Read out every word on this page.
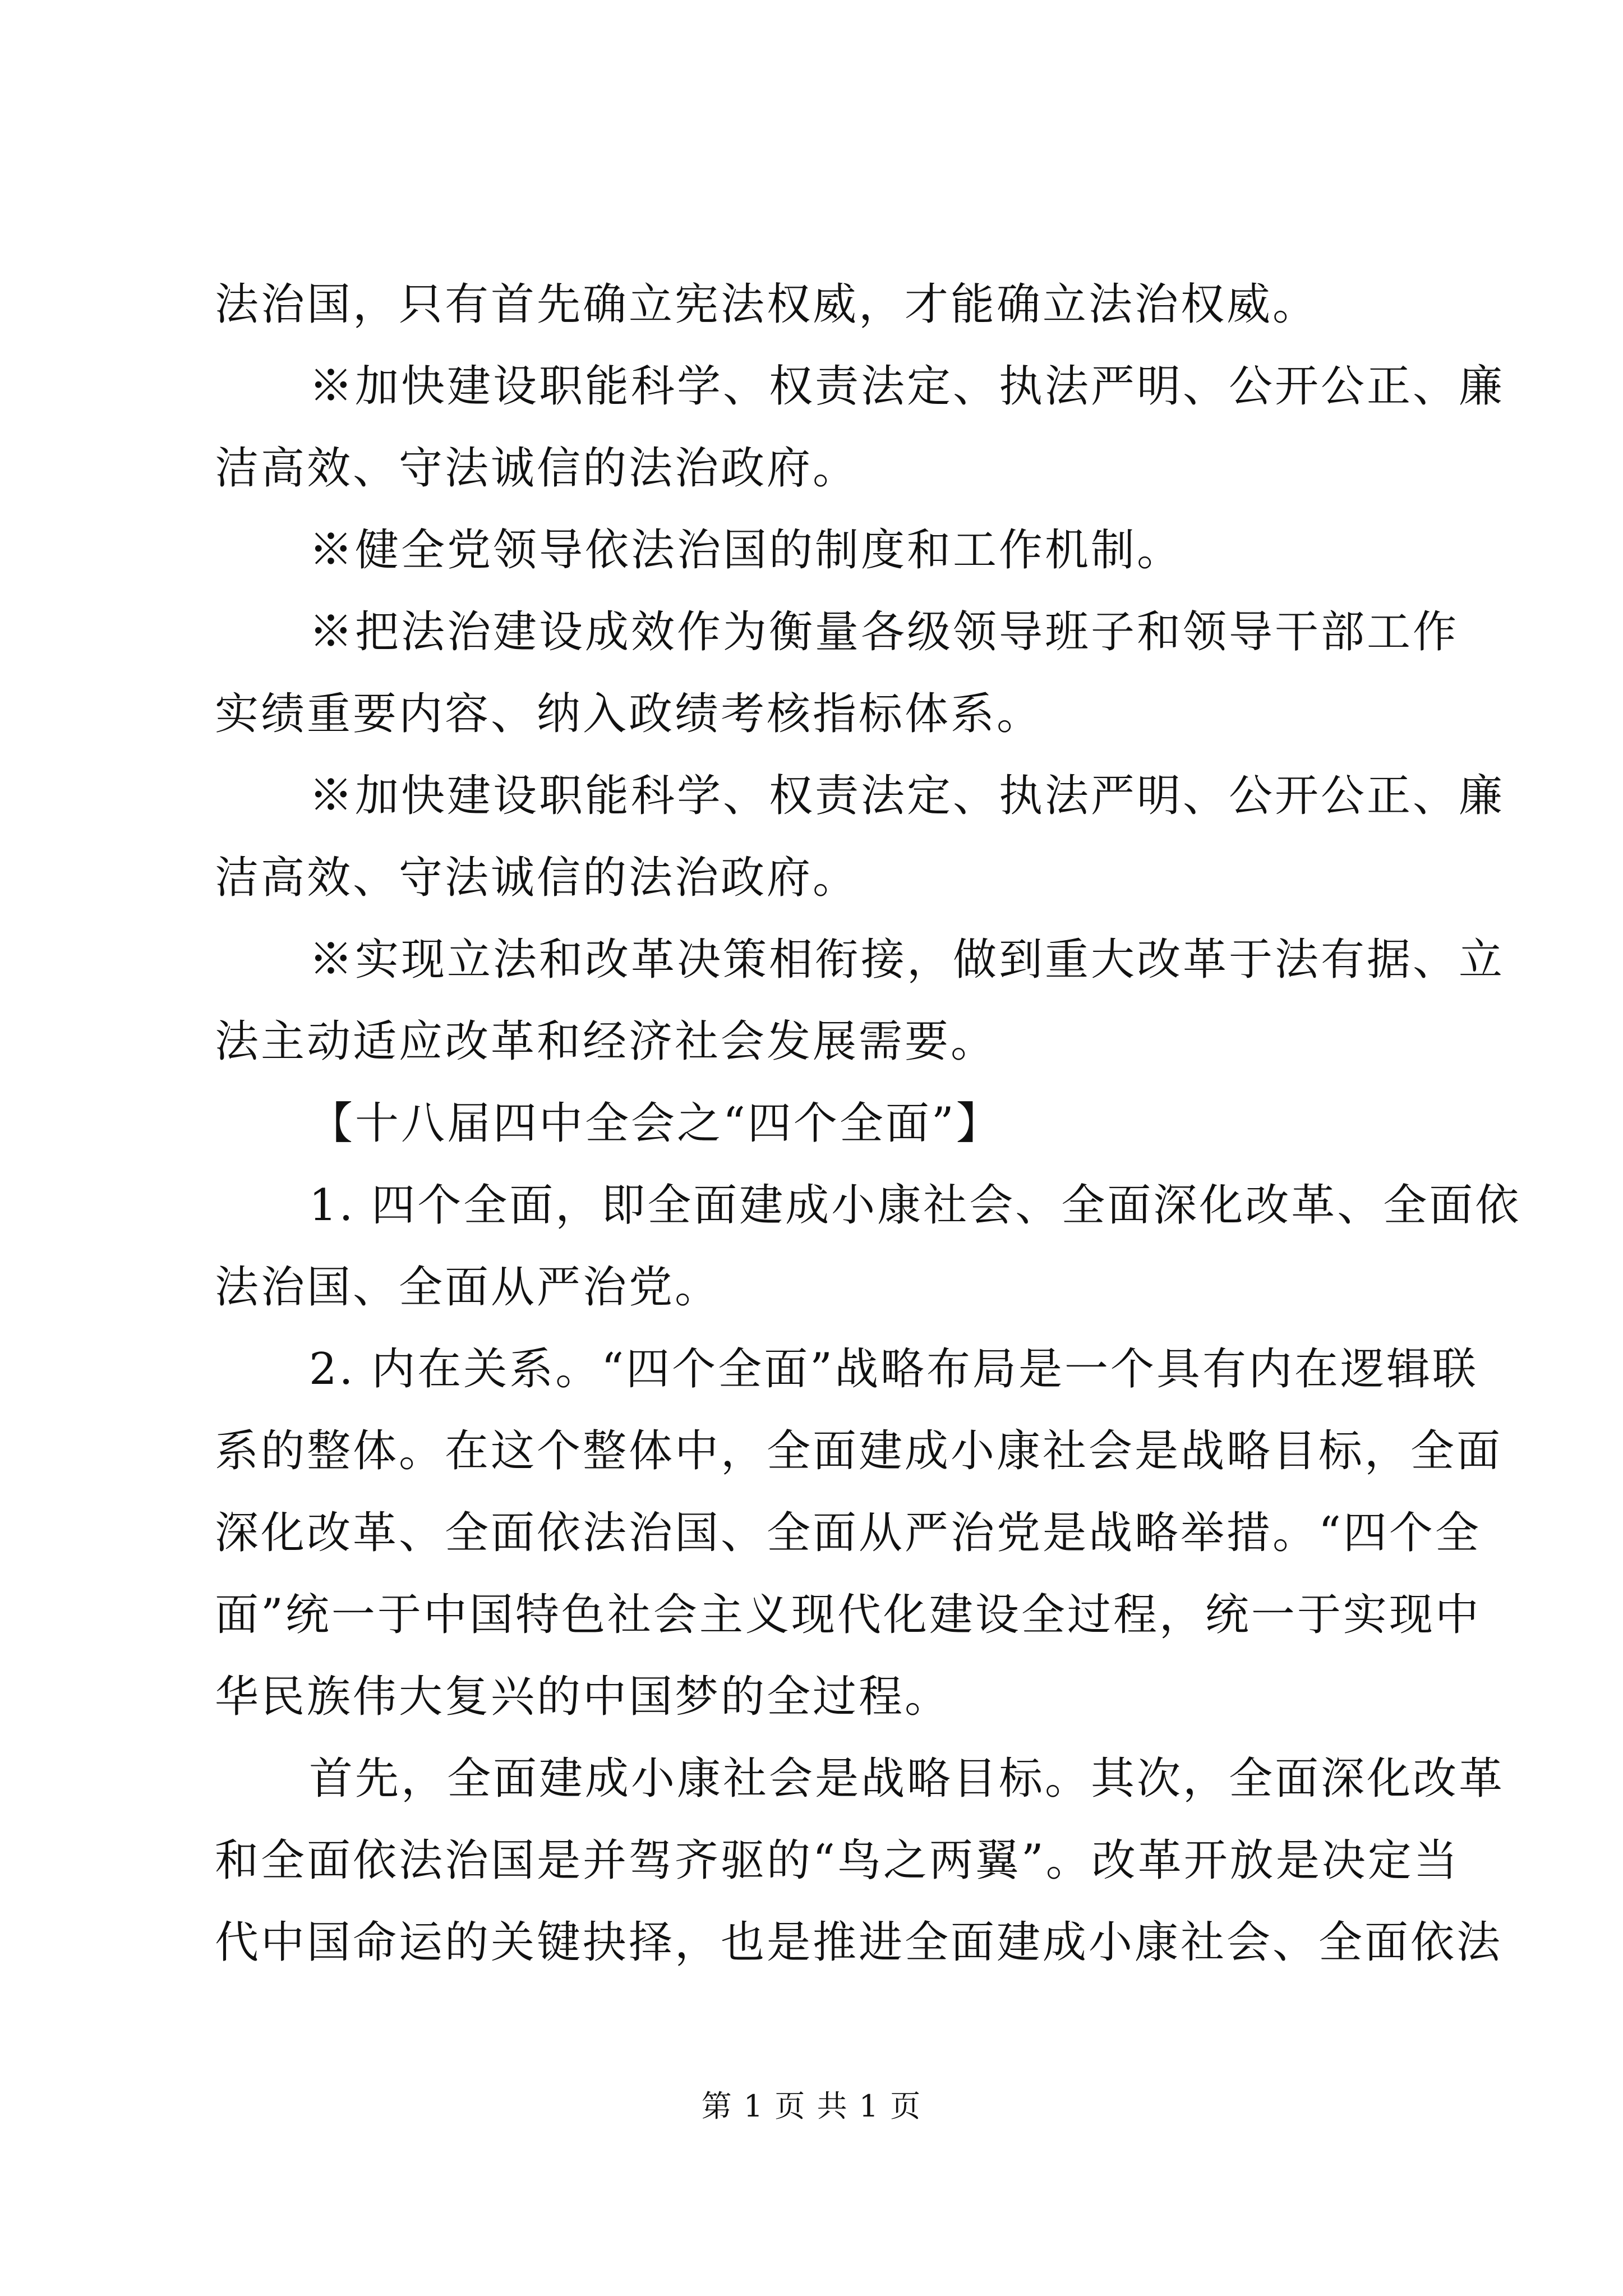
法治国，只有首先确立宪法权威，才能确立法治权威。
※加快建设职能科学、权责法定、执法严明、公开公正、廉
洁高效、守法诚信的法治政府。
※健全党领导依法治国的制度和工作机制。
※把法治建设成效作为衡量各级领导班子和领导干部工作
实绩重要内容、纳入政绩考核指标体系。
※加快建设职能科学、权责法定、执法严明、公开公正、廉
洁高效、守法诚信的法治政府。
※实现立法和改革决策相衔接，做到重大改革于法有据、立
法主动适应改革和经济社会发展需要。
【十八届四中全会之“四个全面”】
1. 四个全面，即全面建成小康社会、全面深化改革、全面依
法治国、全面从严治党。
2. 内在关系。“四个全面”战略布局是一个具有内在逻辑联
系的整体。在这个整体中，全面建成小康社会是战略目标，全面
深化改革、全面依法治国、全面从严治党是战略举措。“四个全
面”统一于中国特色社会主义现代化建设全过程，统一于实现中
华民族伟大复兴的中国梦的全过程。
首先，全面建成小康社会是战略目标。其次，全面深化改革
和全面依法治国是并驾齐驱的“鸟之两翼”。改革开放是决定当
代中国命运的关键抉择，也是推进全面建成小康社会、全面依法
第 1 页 共 1 页
